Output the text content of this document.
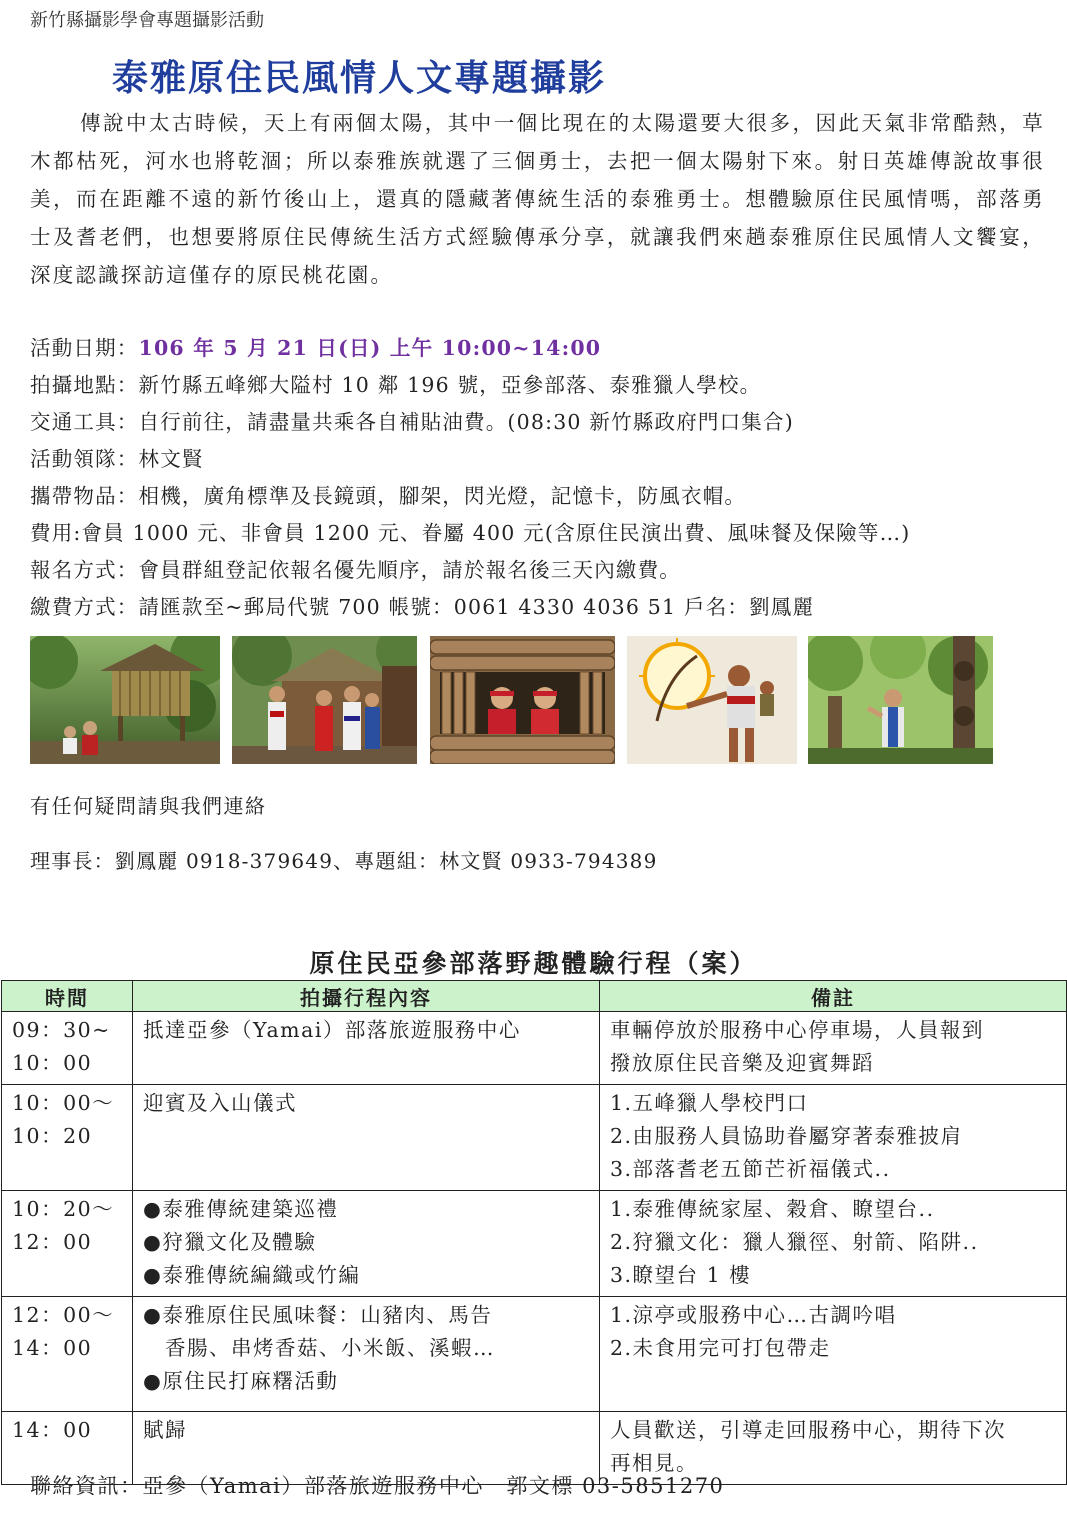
新竹縣攝影學會專題攝影活動
泰雅原住民風情人文專題攝影

傳說中太古時候，天上有兩個太陽，其中一個比現在的太陽還要大很多，因此天氣非常酷熱，草木都枯死，河水也將乾涸；所以泰雅族就選了三個勇士，去把一個太陽射下來。射日英雄傳說故事很美，而在距離不遠的新竹後山上，還真的隱藏著傳統生活的泰雅勇士。想體驗原住民風情嗎，部落勇士及耆老們，也想要將原住民傳統生活方式經驗傳承分享，就讓我們來趟泰雅原住民風情人文饗宴，深度認識探訪這僅存的原民桃花園。

活動日期：106 年 5 月 21 日(日) 上午 10:00~14:00
拍攝地點：新竹縣五峰鄉大隘村 10 鄰 196 號，亞參部落、泰雅獵人學校。
交通工具：自行前往，請盡量共乘各自補貼油費。(08:30 新竹縣政府門口集合)
活動領隊：林文賢
攜帶物品：相機，廣角標準及長鏡頭，腳架，閃光燈，記憶卡，防風衣帽。
費用:會員 1000 元、非會員 1200 元、眷屬 400 元(含原住民演出費、風味餐及保險等…)
報名方式：會員群組登記依報名優先順序，請於報名後三天內繳費。
繳費方式：請匯款至~郵局代號 700 帳號：0061 4330 4036 51 戶名：劉鳳麗
有任何疑問請與我們連絡
理事長：劉鳳麗 0918-379649、專題組：林文賢 0933-794389
原住民亞參部落野趣體驗行程（案）
時間	拍攝行程內容	備註

09：30~
10：00	抵達亞參（Yamai）部落旅遊服務中心	車輛停放於服務中心停車場，人員報到
撥放原住民音樂及迎賓舞蹈

10：00～
10：20	迎賓及入山儀式	1.五峰獵人學校門口
2.由服務人員協助眷屬穿著泰雅披肩
3.部落耆老五節芒祈福儀式..

10：20～
12：00	●泰雅傳統建築巡禮
●狩獵文化及體驗
●泰雅傳統編織或竹編	1.泰雅傳統家屋、穀倉、瞭望台..
2.狩獵文化：獵人獵徑、射箭、陷阱..
3.瞭望台 1 樓

12：00～
14：00	●泰雅原住民風味餐：山豬肉、馬告
　香腸、串烤香菇、小米飯、溪蝦…
●原住民打麻糬活動	1.涼亭或服務中心…古調吟唱
2.未食用完可打包帶走

14：00	賦歸	人員歡送，引導走回服務中心，期待下次
再相見。
聯絡資訊：亞參（Yamai）部落旅遊服務中心　郭文標 03-5851270
